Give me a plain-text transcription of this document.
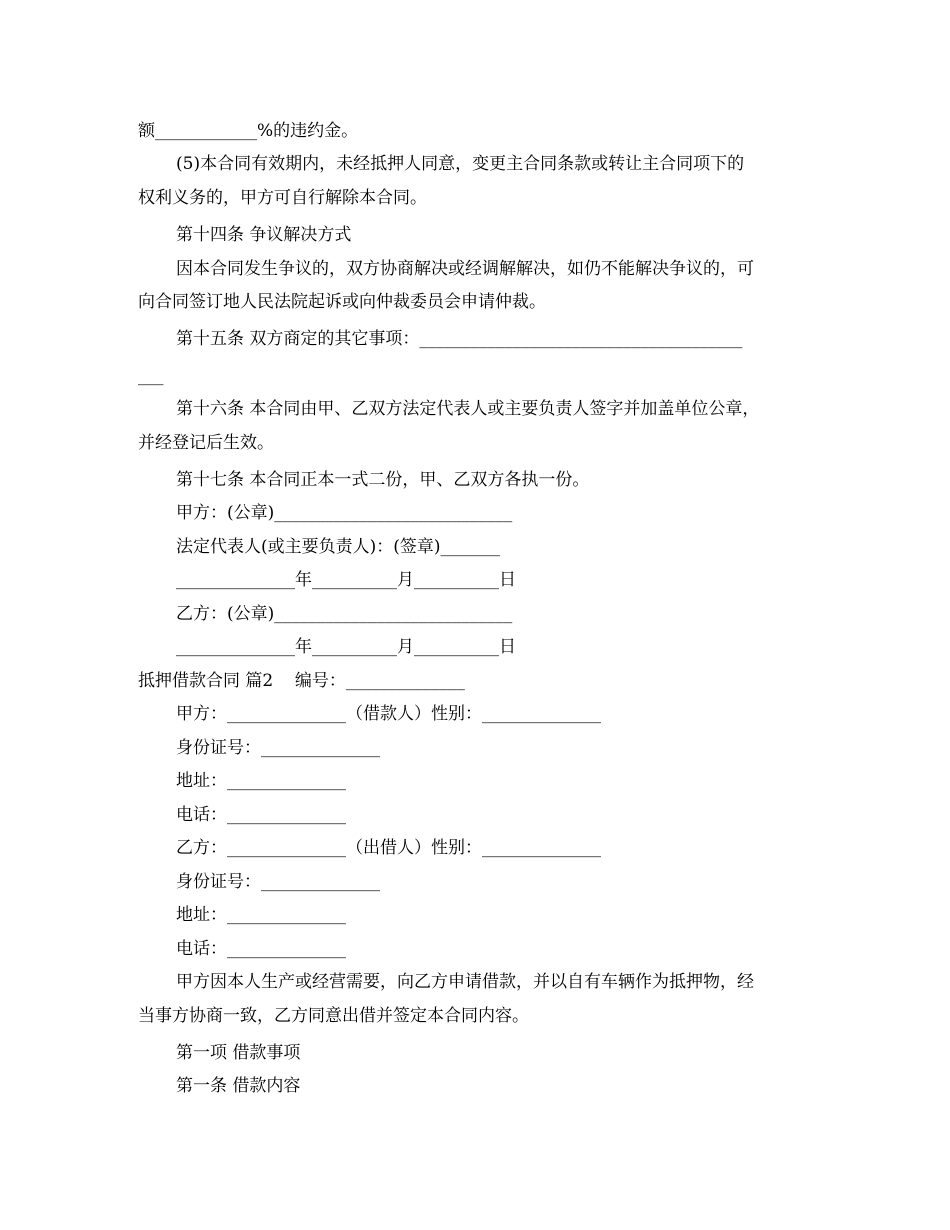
额____________%的违约金。
(5)本合同有效期内，未经抵押人同意，变更主合同条款或转让主合同项下的
权利义务的，甲方可自行解除本合同。
第十四条 争议解决方式
因本合同发生争议的，双方协商解决或经调解解决，如仍不能解决争议的，可
向合同签订地人民法院起诉或向仲裁委员会申请仲裁。
第十五条 双方商定的其它事项：______________________________________
___
第十六条 本合同由甲、乙双方法定代表人或主要负责人签字并加盖单位公章，
并经登记后生效。
第十七条 本合同正本一式二份，甲、乙双方各执一份。
甲方：(公章)____________________________
法定代表人(或主要负责人)：(签章)_______
______________年__________月__________日
乙方：(公章)____________________________
______________年__________月__________日
抵押借款合同 篇2    编号：______________
甲方：______________（借款人）性别：______________
身份证号：______________
地址：______________
电话：______________
乙方：______________（出借人）性别：______________
身份证号：______________
地址：______________
电话：______________
甲方因本人生产或经营需要，向乙方申请借款，并以自有车辆作为抵押物，经
当事方协商一致，乙方同意出借并签定本合同内容。
第一项 借款事项
第一条 借款内容
